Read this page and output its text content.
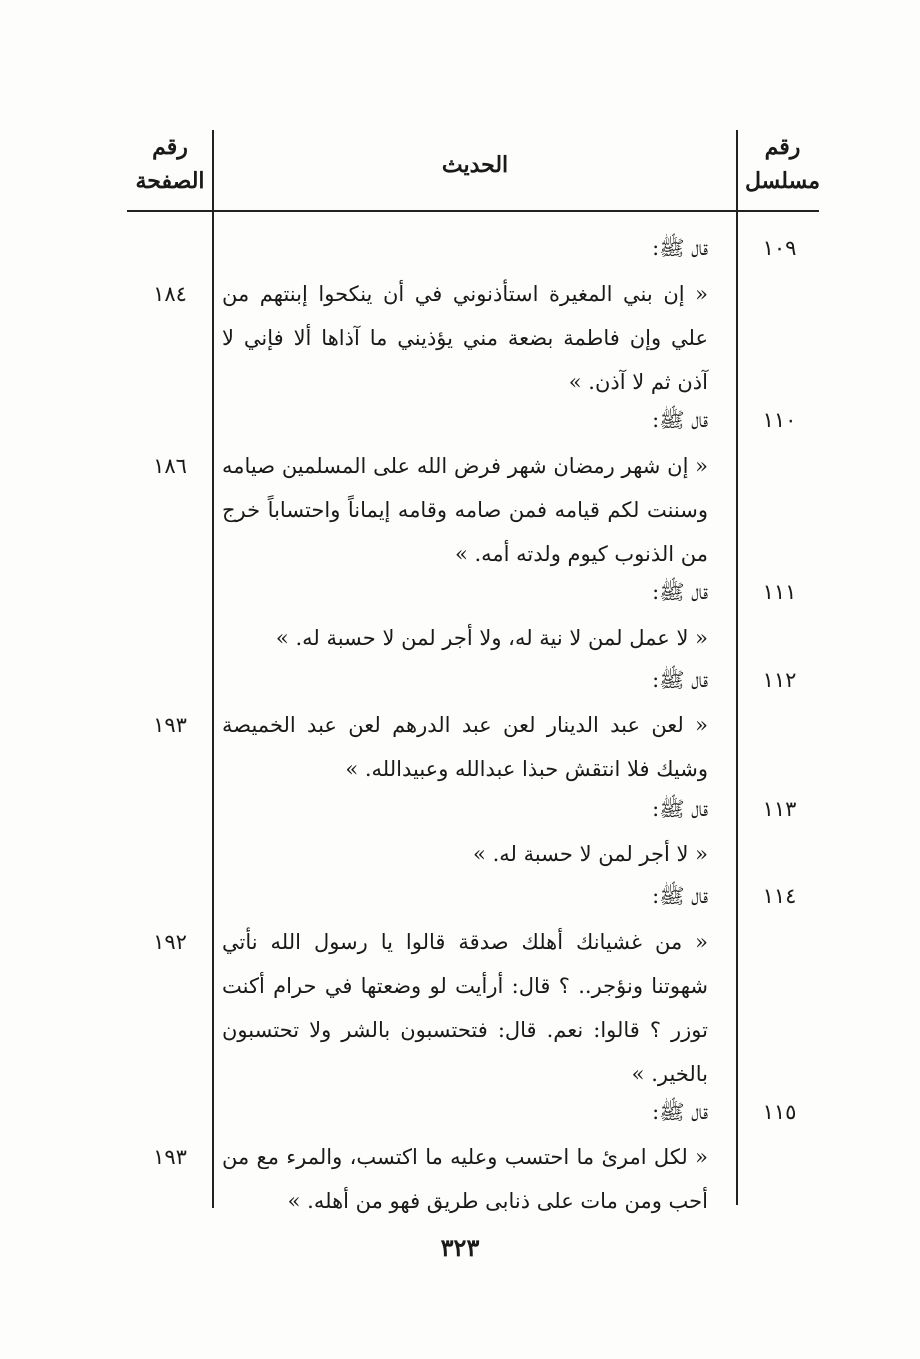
رقم مسلسل
الحديث
رقم الصفحة
١٠٩
قال ﷺ:
« إن بني المغيرة استأذنوني في أن ينكحوا إبنتهم من علي وإن فاطمة بضعة مني يؤذيني ما آذاها ألا فإني لا آذن ثم لا آذن. »
١٨٤
١١٠
قال ﷺ:
« إن شهر رمضان شهر فرض الله على المسلمين صيامه وسننت لكم قيامه فمن صامه وقامه إيماناً واحتساباً خرج من الذنوب كيوم ولدته أمه. »
١٨٦
١١١
قال ﷺ:
« لا عمل لمن لا نية له، ولا أجر لمن لا حسبة له. »
١١٢
قال ﷺ:
« لعن عبد الدينار لعن عبد الدرهم لعن عبد الخميصة وشيك فلا انتقش حبذا عبدالله وعبيدالله. »
١٩٣
١١٣
قال ﷺ:
« لا أجر لمن لا حسبة له. »
١١٤
قال ﷺ:
« من غشيانك أهلك صدقة قالوا يا رسول الله نأتي شهوتنا ونؤجر.. ؟ قال: أرأيت لو وضعتها في حرام أكنت توزر ؟ قالوا: نعم. قال: فتحتسبون بالشر ولا تحتسبون بالخير. »
١٩٢
١١٥
قال ﷺ:
« لكل امرئ ما احتسب وعليه ما اكتسب، والمرء مع من أحب ومن مات على ذنابى طريق فهو من أهله. »
١٩٣
٣٢٣
